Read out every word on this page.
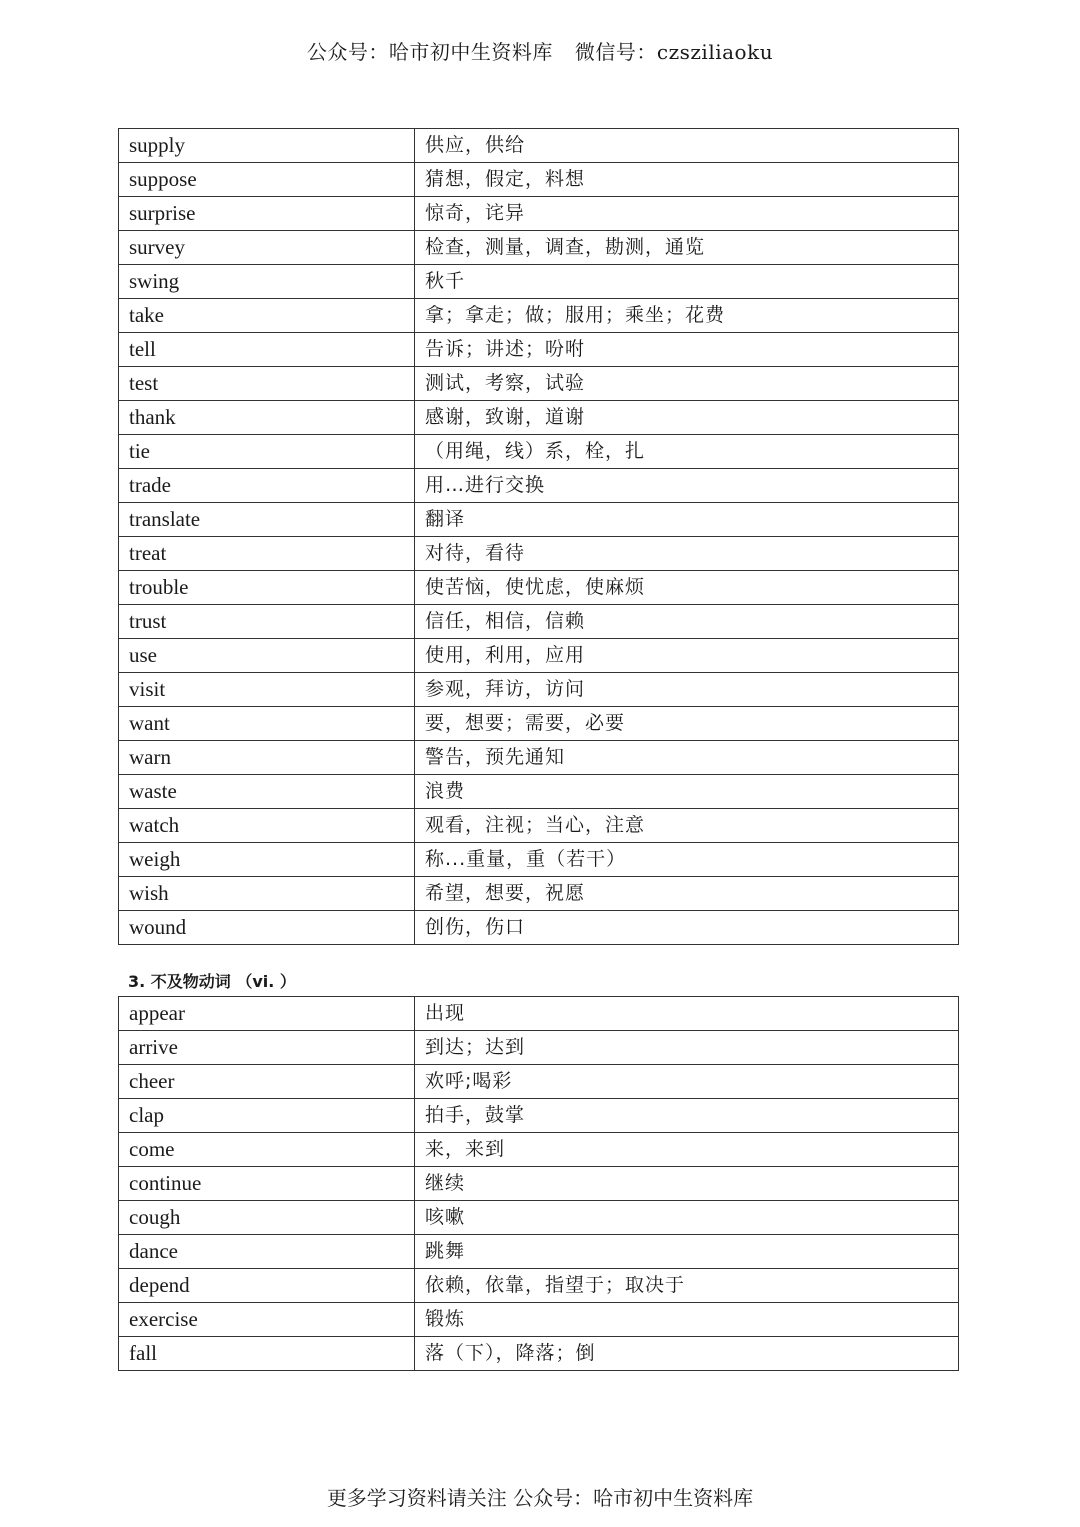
公众号：哈市初中生资料库 微信号：czsziliaoku
supply	供应，供给
suppose	猜想，假定，料想
surprise	惊奇，诧异
survey	检查，测量，调查，勘测，通览
swing	秋千
take	拿；拿走；做；服用；乘坐；花费
tell	告诉；讲述；吩咐
test	测试，考察，试验
thank	感谢，致谢，道谢
tie	（用绳，线）系，栓，扎
trade	用…进行交换
translate	翻译
treat	对待，看待
trouble	使苦恼，使忧虑，使麻烦
trust	信任，相信，信赖
use	使用，利用，应用
visit	参观，拜访，访问
want	要，想要；需要，必要
warn	警告，预先通知
waste	浪费
watch	观看，注视；当心，注意
weigh	称...重量，重（若干）
wish	希望，想要，祝愿
wound	创伤，伤口
3. 不及物动词 （vi. ）
appear	出现
arrive	到达；达到
cheer	欢呼;喝彩
clap	拍手，鼓掌
come	来，来到
continue	继续
cough	咳嗽
dance	跳舞
depend	依赖，依靠，指望于；取决于
exercise	锻炼
fall	落（下），降落；倒
更多学习资料请关注 公众号：哈市初中生资料库
